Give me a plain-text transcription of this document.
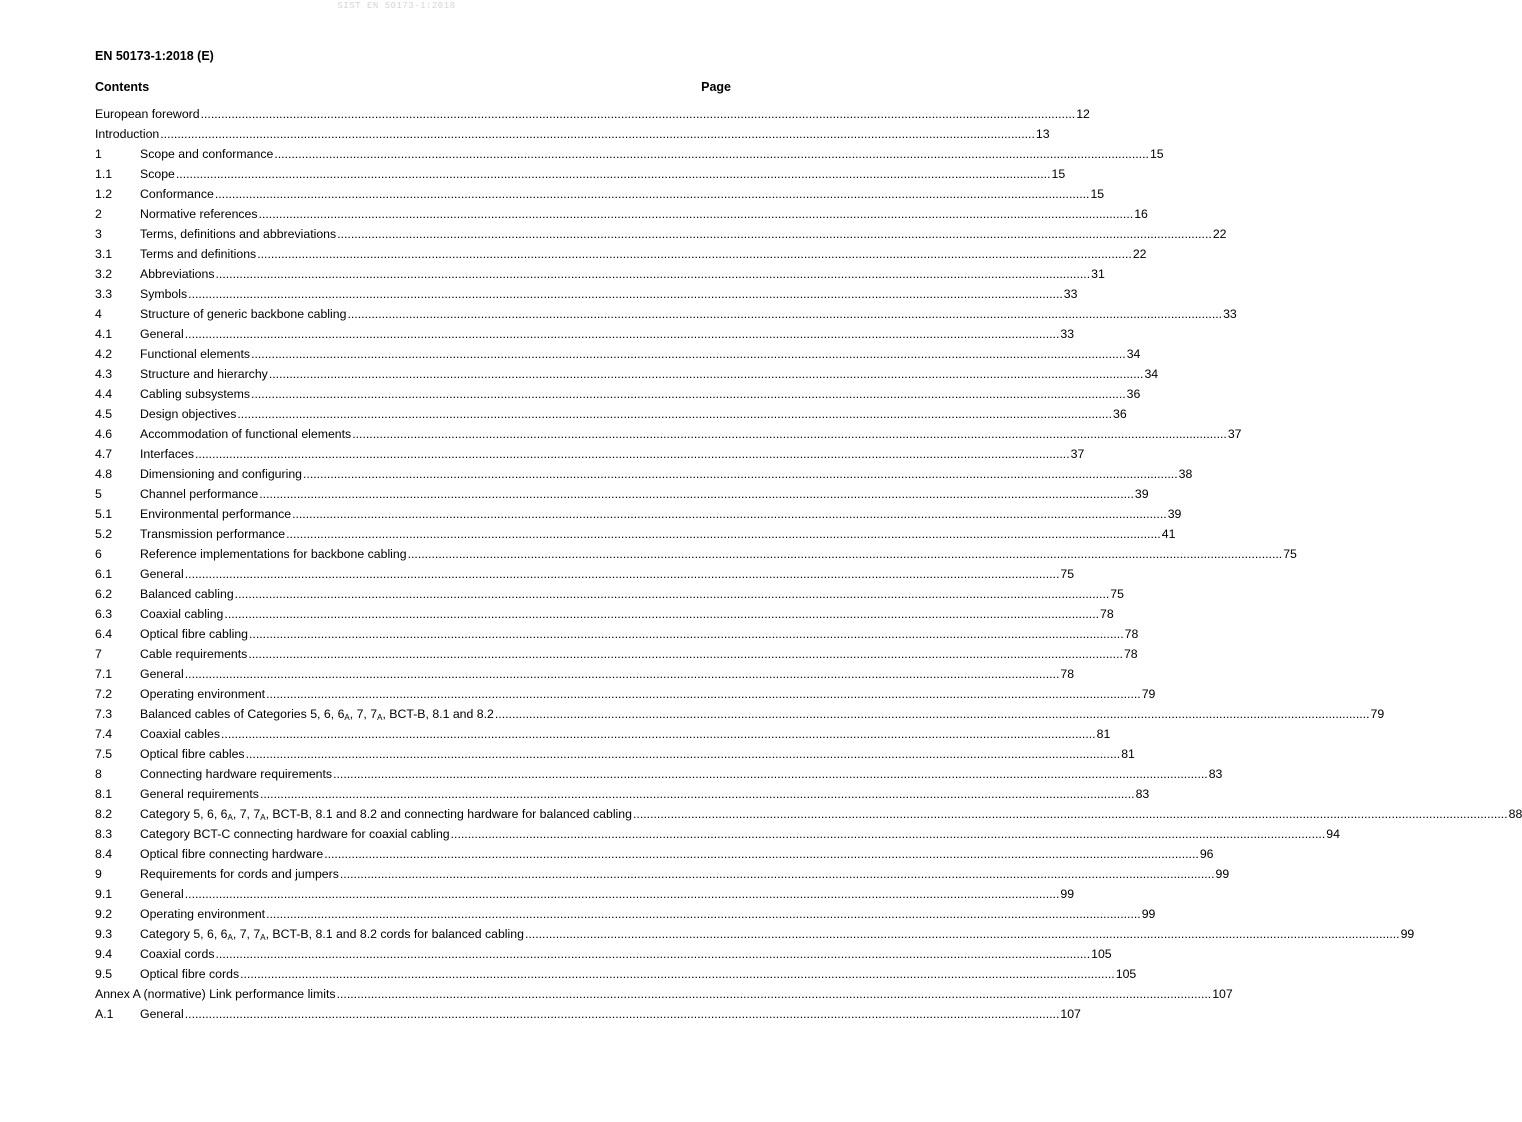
SIST EN 50173-1:2018
EN 50173-1:2018 (E)
Contents	Page
European foreword .....	12
Introduction .....	13
1	Scope and conformance .....	15
1.1	Scope .....	15
1.2	Conformance .....	15
2	Normative references .....	16
3	Terms, definitions and abbreviations .....	22
3.1	Terms and definitions .....	22
3.2	Abbreviations .....	31
3.3	Symbols .....	33
4	Structure of generic backbone cabling .....	33
4.1	General .....	33
4.2	Functional elements .....	34
4.3	Structure and hierarchy .....	34
4.4	Cabling subsystems .....	36
4.5	Design objectives .....	36
4.6	Accommodation of functional elements .....	37
4.7	Interfaces .....	37
4.8	Dimensioning and configuring .....	38
5	Channel performance .....	39
5.1	Environmental performance .....	39
5.2	Transmission performance .....	41
6	Reference implementations for backbone cabling .....	75
6.1	General .....	75
6.2	Balanced cabling .....	75
6.3	Coaxial cabling .....	78
6.4	Optical fibre cabling .....	78
7	Cable requirements .....	78
7.1	General .....	78
7.2	Operating environment .....	79
7.3	Balanced cables of Categories 5, 6, $6_A$, 7, $7_A$, BCT-B, 8.1 and 8.2 .....	79
7.4	Coaxial cables .....	81
7.5	Optical fibre cables .....	81
8	Connecting hardware requirements .....	83
8.1	General requirements .....	83
8.2	Category 5, 6, $6_A$, 7, $7_A$, BCT-B, 8.1 and 8.2 and connecting hardware for balanced cabling .....	88
8.3	Category BCT-C connecting hardware for coaxial cabling .....	94
8.4	Optical fibre connecting hardware .....	96
9	Requirements for cords and jumpers .....	99
9.1	General .....	99
9.2	Operating environment .....	99
9.3	Category 5, 6, $6_A$, 7, $7_A$, BCT-B, 8.1 and 8.2 cords for balanced cabling .....	99
9.4	Coaxial cords .....	105
9.5	Optical fibre cords .....	105
Annex A (normative) Link performance limits .....	107
A.1	General .....	107
